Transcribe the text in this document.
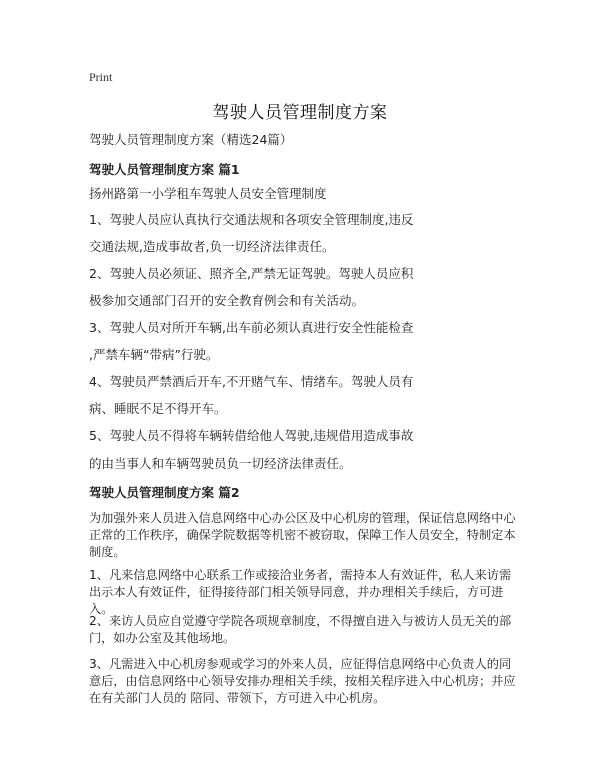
Print
驾驶人员管理制度方案
驾驶人员管理制度方案（精选24篇）
驾驶人员管理制度方案 篇1
扬州路第一小学租车驾驶人员安全管理制度
1、驾驶人员应认真执行交通法规和各项安全管理制度,违反
交通法规,造成事故者,负一切经济法律责任。
2、驾驶人员必须证、照齐全,严禁无证驾驶。驾驶人员应积
极参加交通部门召开的安全教育例会和有关活动。
3、驾驶人员对所开车辆,出车前必须认真进行安全性能检查
,严禁车辆“带病”行驶。
4、驾驶员严禁酒后开车,不开赌气车、情绪车。驾驶人员有
病、睡眠不足不得开车。
5、驾驶人员不得将车辆转借给他人驾驶,违规借用造成事故
的由当事人和车辆驾驶员负一切经济法律责任。
驾驶人员管理制度方案 篇2
为加强外来人员进入信息网络中心办公区及中心机房的管理，保证信息网络中心正常的工作秩序，确保学院数据等机密不被窃取，保障工作人员安全，特制定本制度。
1、凡来信息网络中心联系工作或接洽业务者，需持本人有效证件，私人来访需出示本人有效证件，征得接待部门相关领导同意，并办理相关手续后，方可进入。
2、来访人员应自觉遵守学院各项规章制度，不得擅自进入与被访人员无关的部门，如办公室及其他场地。
3、凡需进入中心机房参观或学习的外来人员，应征得信息网络中心负责人的同意后，由信息网络中心领导安排办理相关手续，按相关程序进入中心机房；并应在有关部门人员的 陪同、带领下，方可进入中心机房。
